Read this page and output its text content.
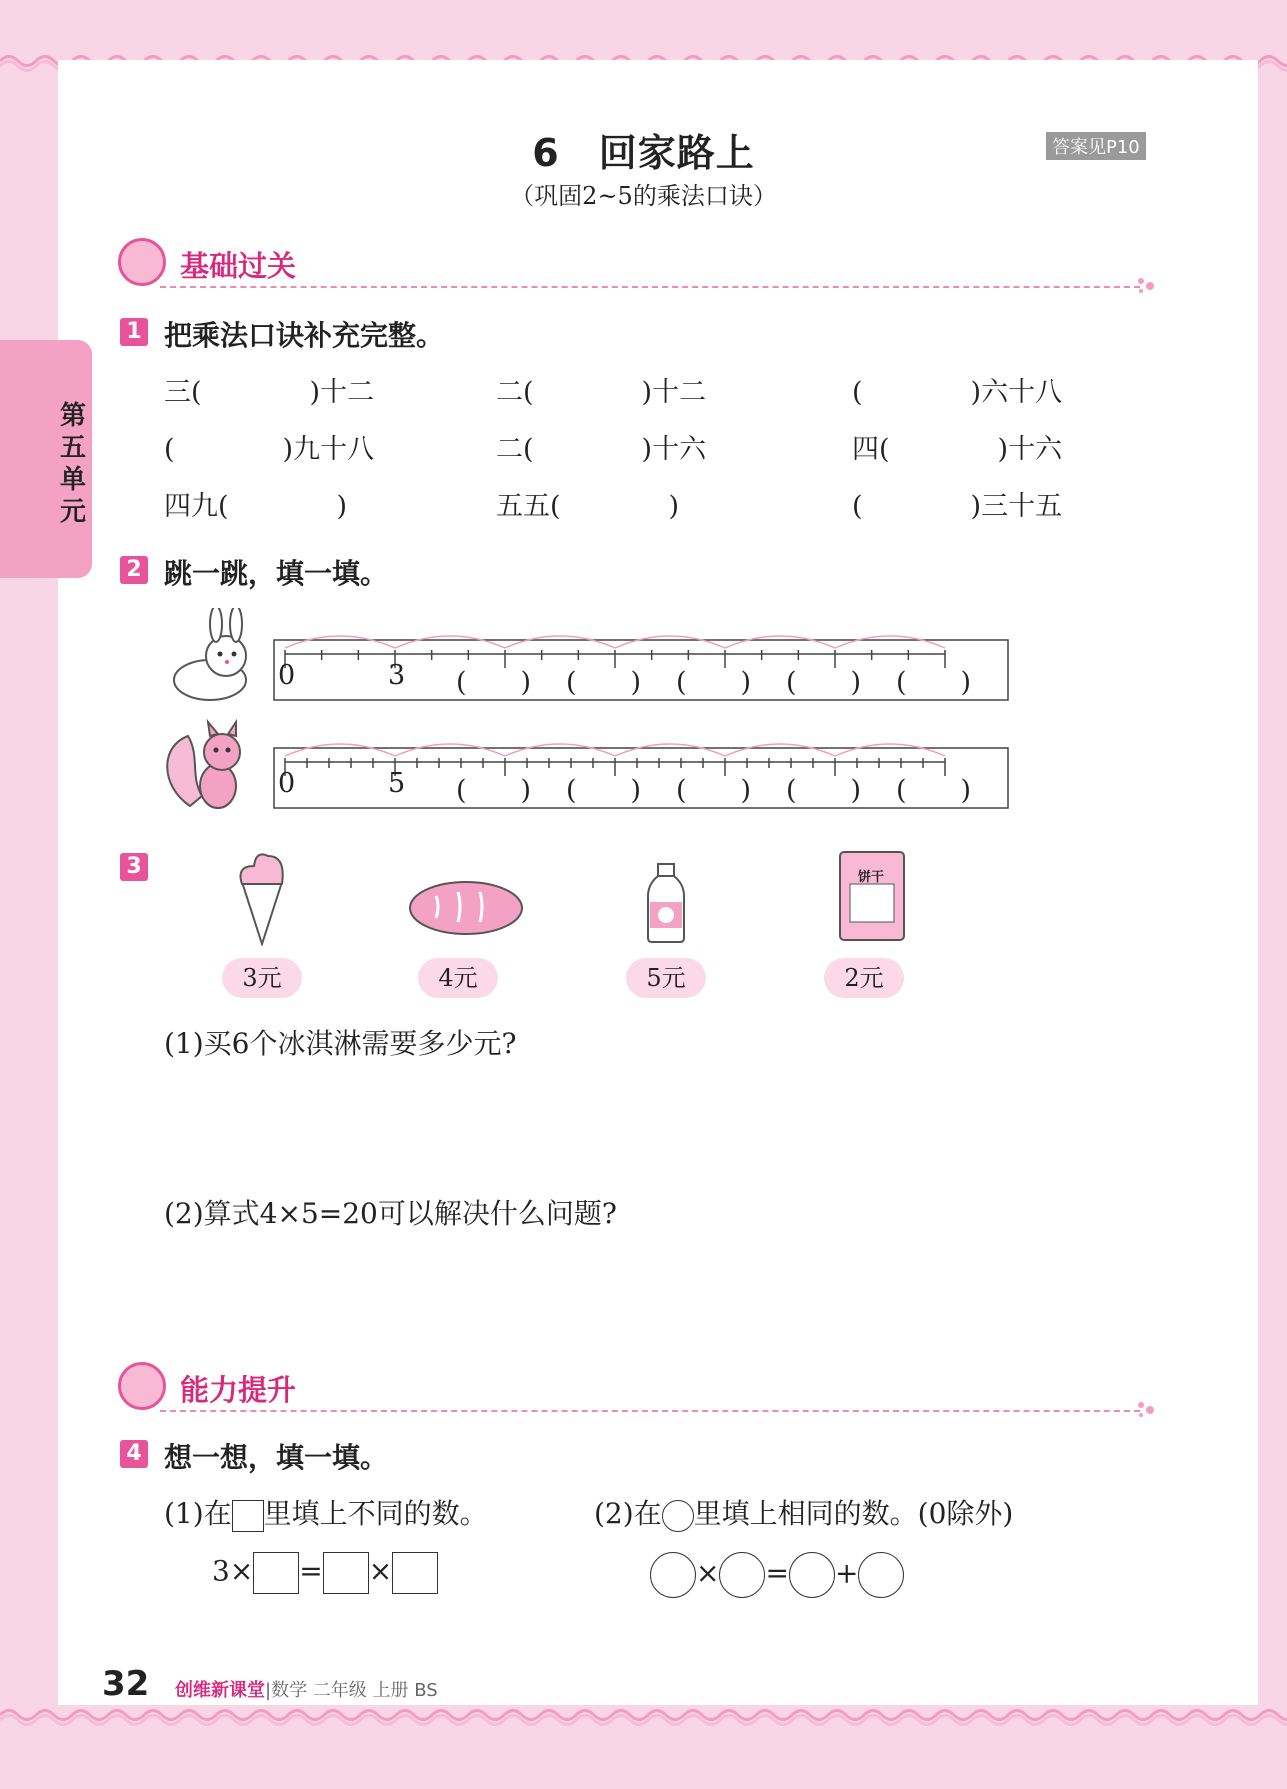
第
五
单
元
6　回家路上
（巩固2~5的乘法口诀）
答案见P10
基础过关
1 把乘法口诀补充完整。
三(　　　　)十二	二(　　　　)十二	(　　　　)六十八
(　　　　)九十八	二(　　　　)十六	四(　　　　)十六
四九(　　　　)	五五(　　　　)	(　　　　)三十五
2 跳一跳，填一填。
0	3 (　　) (　　) (　　) (　　) (　　)
0	5 (　　) (　　) (　　) (　　) (　　)
3	饼干
3元	4元	5元	2元
(1)买6个冰淇淋需要多少元?
(2)算式4×5=20可以解决什么问题?
能力提升
4 想一想，填一填。
(1)在 里填上不同的数。	(2)在 里填上相同的数。(0除外)
3× = ×	× = +
32 创维新课堂|数学 二年级 上册 BS
